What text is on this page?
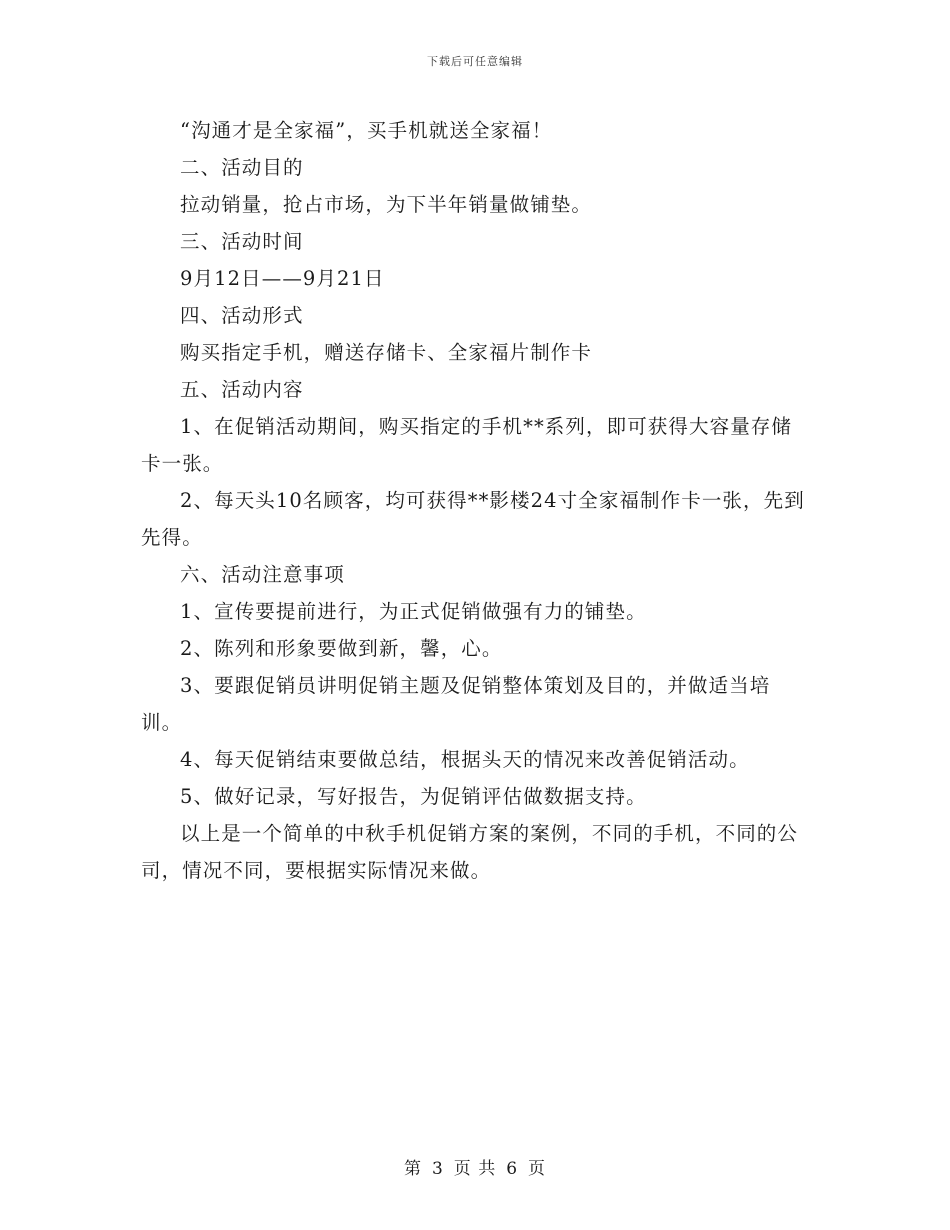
下载后可任意编辑

“沟通才是全家福”，买手机就送全家福！

二、活动目的

拉动销量，抢占市场，为下半年销量做铺垫。

三、活动时间

9月12日——9月21日

四、活动形式

购买指定手机，赠送存储卡、全家福片制作卡

五、活动内容

1、在促销活动期间，购买指定的手机**系列，即可获得大容量存储卡一张。

2、每天头10名顾客，均可获得**影楼24寸全家福制作卡一张，先到先得。

六、活动注意事项

1、宣传要提前进行，为正式促销做强有力的铺垫。

2、陈列和形象要做到新，馨，心。

3、要跟促销员讲明促销主题及促销整体策划及目的，并做适当培训。

4、每天促销结束要做总结，根据头天的情况来改善促销活动。

5、做好记录，写好报告，为促销评估做数据支持。

以上是一个简单的中秋手机促销方案的案例，不同的手机，不同的公司，情况不同，要根据实际情况来做。

第 3 页 共 6 页
